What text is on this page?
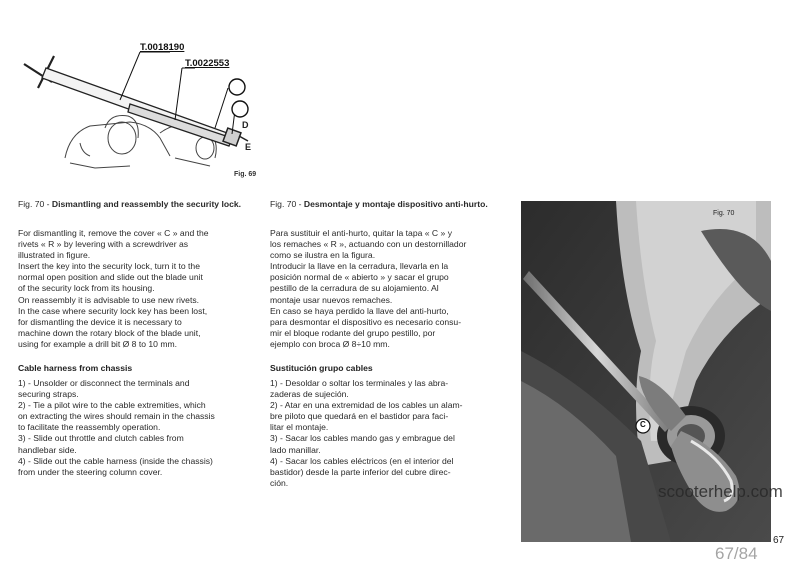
T.0018190
T.0022553
D
E
Fig. 69
Fig. 70 - Dismantling and reassembly the security lock.
For dismantling it, remove the cover « C » and the
rivets « R » by levering with a screwdriver as
illustrated in figure.
Insert the key into the security lock, turn it to the
normal open position and slide out the blade unit
of the security lock from its housing.
On reassembly it is advisable to use new rivets.
In the case where security lock key has been lost,
for dismantling the device it is necessary to
machine down the rotary block of the blade unit,
using for example a drill bit Ø 8 to 10 mm.
Cable harness from chassis
1) - Unsolder or disconnect the terminals and
securing straps.
2) - Tie a pilot wire to the cable extremities, which
on extracting the wires should remain in the chassis
to facilitate the reassembly operation.
3) - Slide out throttle and clutch cables from
handlebar side.
4) - Slide out the cable harness (inside the chassis)
from under the steering column cover.
Fig. 70 - Desmontaje y montaje dispositivo anti-hurto.
Para sustituir el anti-hurto, quitar la tapa « C » y
los remaches « R », actuando con un destornillador
como se ilustra en la figura.
Introducir la llave en la cerradura, llevarla en la
posición normal de « abierto » y sacar el grupo
pestillo de la cerradura de su alojamiento. Al
montaje usar nuevos remaches.
En caso se haya perdido la llave del anti-hurto,
para desmontar el dispositivo es necesario consu-
mir el bloque rodante del grupo pestillo, por
ejemplo con broca Ø 8÷10 mm.
Sustitución grupo cables
1) - Desoldar o soltar los terminales y las abra-
zaderas de sujeción.
2) - Atar en una extremidad de los cables un alam-
bre piloto que quedará en el bastidor para faci-
litar el montaje.
3) - Sacar los cables mando gas y embrague del
lado manillar.
4) - Sacar los cables eléctricos (en el interior del
bastidor) desde la parte inferior del cubre direc-
ción.
C
Fig. 70
67
scooterhelp.com
67/84
